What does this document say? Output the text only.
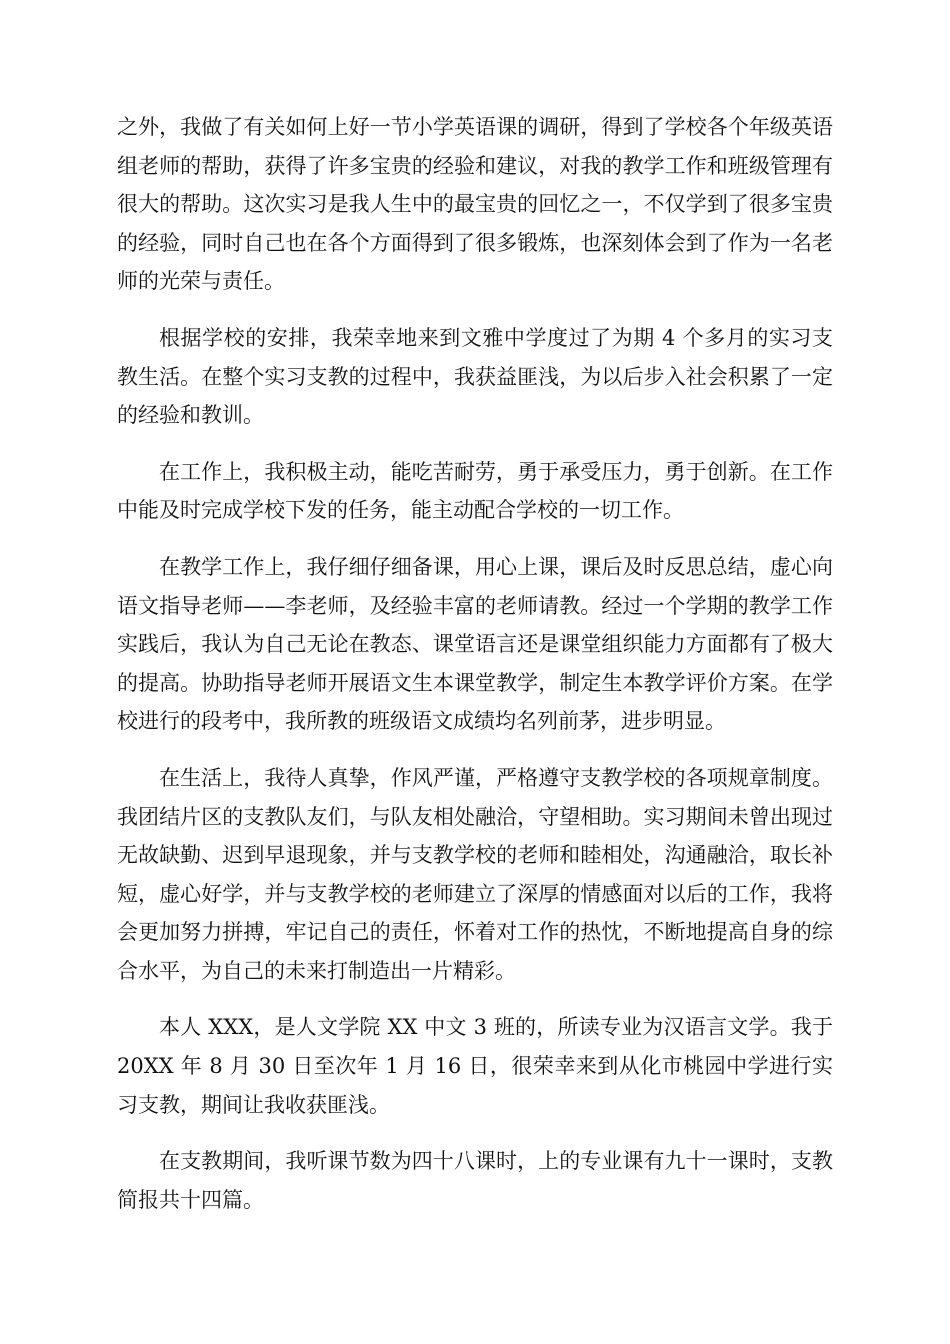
之外，我做了有关如何上好一节小学英语课的调研，得到了学校各个年级英语组老师的帮助，获得了许多宝贵的经验和建议，对我的教学工作和班级管理有很大的帮助。这次实习是我人生中的最宝贵的回忆之一，不仅学到了很多宝贵的经验，同时自己也在各个方面得到了很多锻炼，也深刻体会到了作为一名老师的光荣与责任。

根据学校的安排，我荣幸地来到文雅中学度过了为期 4 个多月的实习支教生活。在整个实习支教的过程中，我获益匪浅，为以后步入社会积累了一定的经验和教训。

在工作上，我积极主动，能吃苦耐劳，勇于承受压力，勇于创新。在工作中能及时完成学校下发的任务，能主动配合学校的一切工作。

在教学工作上，我仔细仔细备课，用心上课，课后及时反思总结，虚心向语文指导老师——李老师，及经验丰富的老师请教。经过一个学期的教学工作实践后，我认为自己无论在教态、课堂语言还是课堂组织能力方面都有了极大的提高。协助指导老师开展语文生本课堂教学，制定生本教学评价方案。在学校进行的段考中，我所教的班级语文成绩均名列前茅，进步明显。

在生活上，我待人真挚，作风严谨，严格遵守支教学校的各项规章制度。我团结片区的支教队友们，与队友相处融洽，守望相助。实习期间未曾出现过无故缺勤、迟到早退现象，并与支教学校的老师和睦相处，沟通融洽，取长补短，虚心好学，并与支教学校的老师建立了深厚的情感面对以后的工作，我将会更加努力拼搏，牢记自己的责任，怀着对工作的热忱，不断地提高自身的综合水平，为自己的未来打制造出一片精彩。

本人 XXX，是人文学院 XX 中文 3 班的，所读专业为汉语言文学。我于 20XX 年 8 月 30 日至次年 1 月 16 日，很荣幸来到从化市桃园中学进行实习支教，期间让我收获匪浅。

在支教期间，我听课节数为四十八课时，上的专业课有九十一课时，支教简报共十四篇。
